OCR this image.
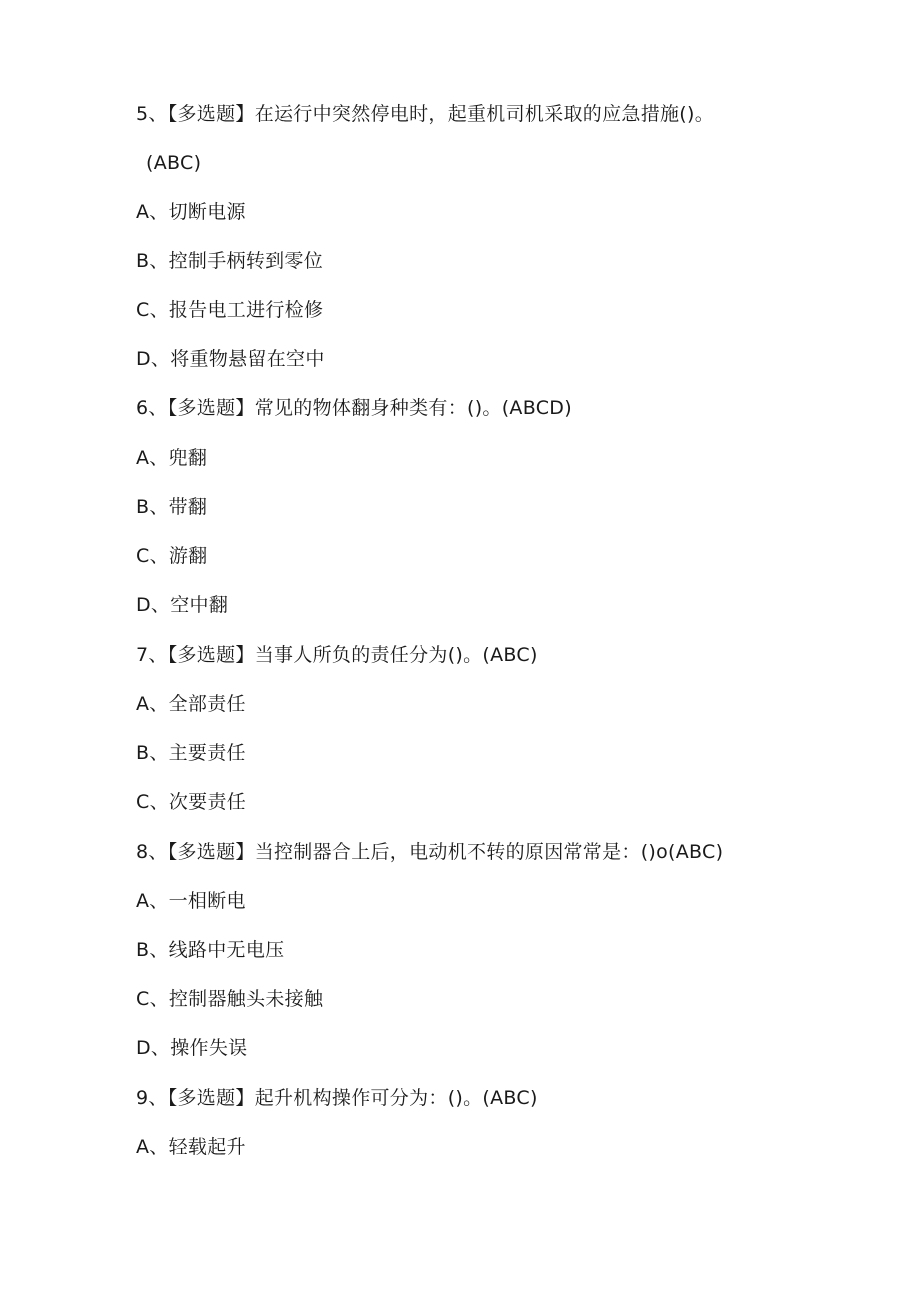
5、【多选题】在运行中突然停电时，起重机司机采取的应急措施()。
(ABC)
A、切断电源
B、控制手柄转到零位
C、报告电工进行检修
D、将重物悬留在空中
6、【多选题】常见的物体翻身种类有：()。(ABCD)
A、兜翻
B、带翻
C、游翻
D、空中翻
7、【多选题】当事人所负的责任分为()。(ABC)
A、全部责任
B、主要责任
C、次要责任
8、【多选题】当控制器合上后，电动机不转的原因常常是：()o(ABC)
A、一相断电
B、线路中无电压
C、控制器触头未接触
D、操作失误
9、【多选题】起升机构操作可分为：()。(ABC)
A、轻载起升
